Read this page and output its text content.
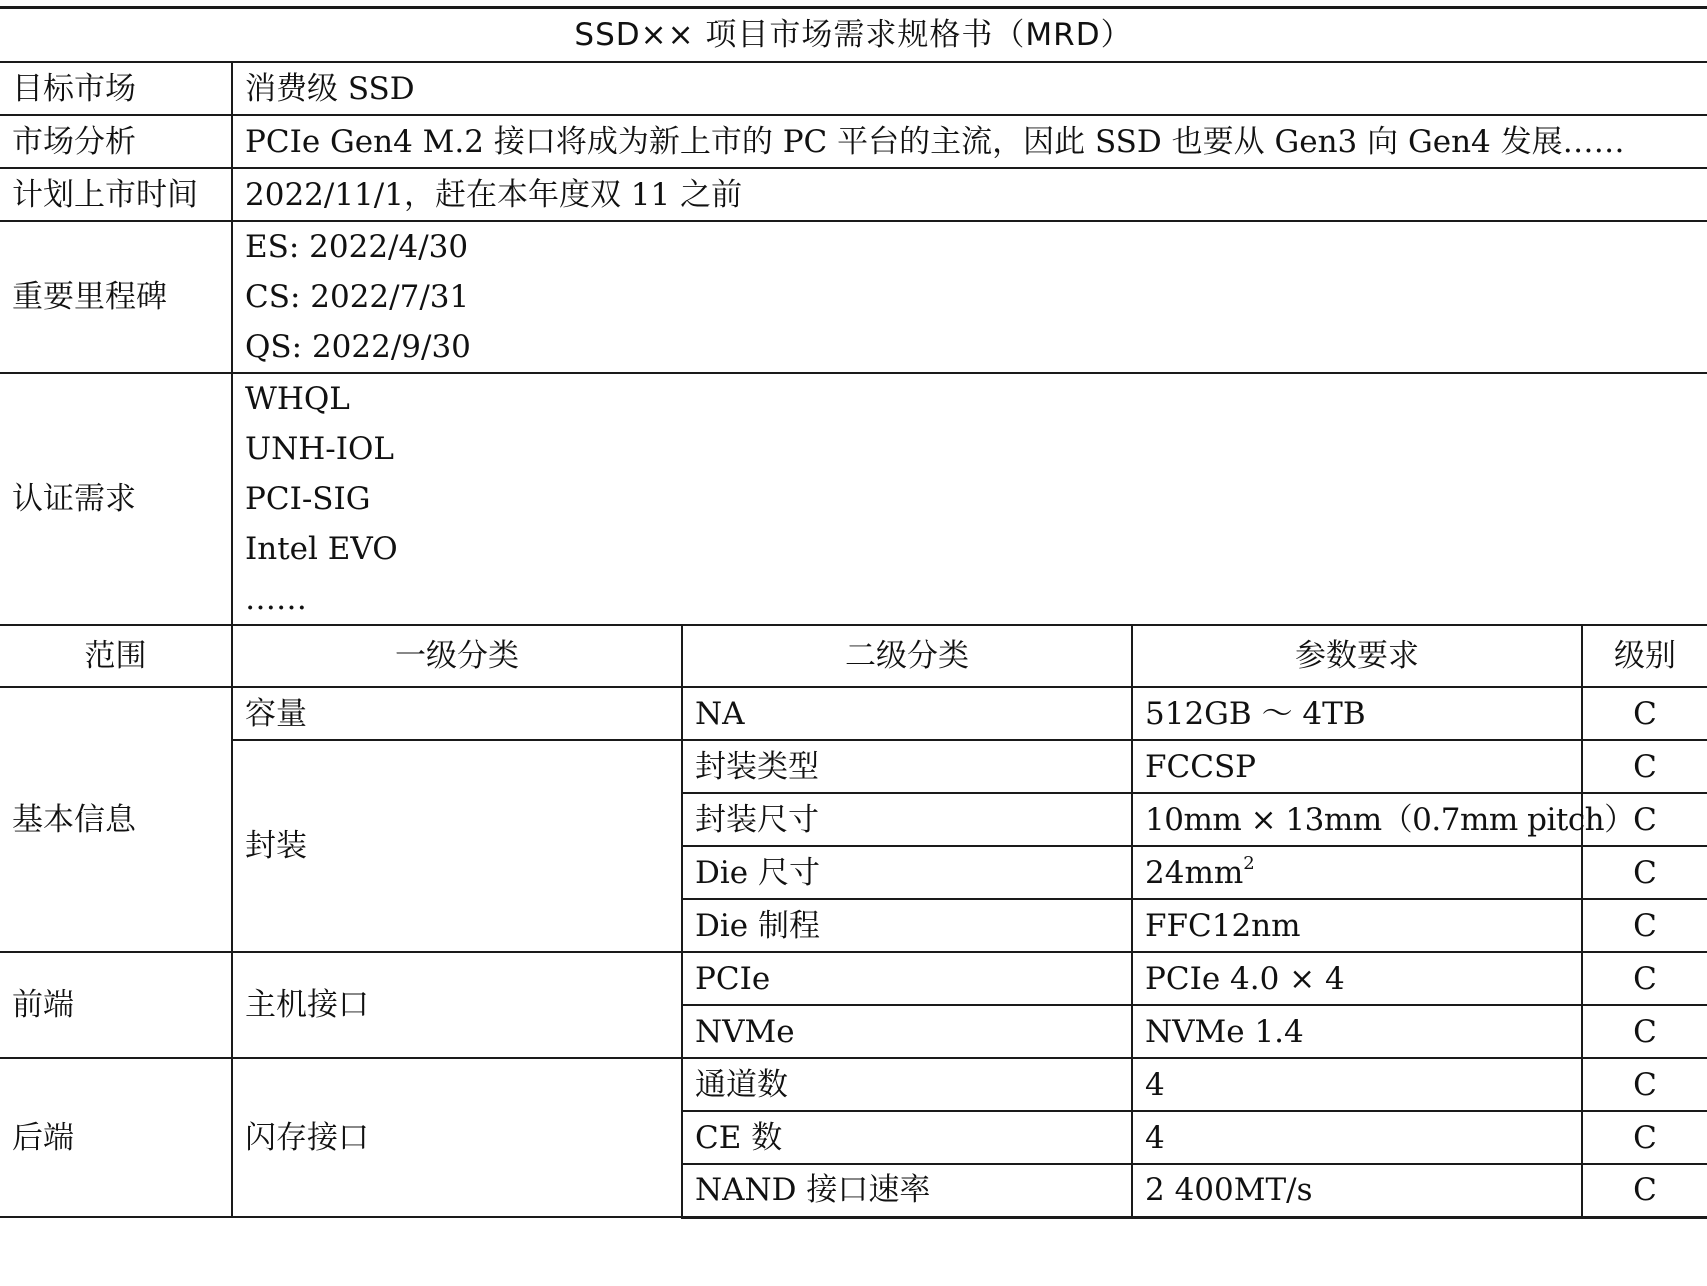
SSD×× 项目市场需求规格书（MRD）				
目标市场	消费级 SSD			
市场分析	PCIe Gen4 M.2 接口将成为新上市的 PC 平台的主流，因此 SSD 也要从 Gen3 向 Gen4 发展……			
计划上市时间	2022/11/1，赶在本年度双 11 之前			
重要里程碑	ES: 2022/4/30
CS: 2022/7/31
QS: 2022/9/30			

认证需求	WHQL
UNH-IOL
PCI-SIG
Intel EVO
……			

范围	一级分类	二级分类	参数要求	级别
基本信息	容量	NA	512GB ～ 4TB	C
	封装	封装类型	FCCSP	C
		封装尺寸	10mm × 13mm（0.7mm pitch）	C
		Die 尺寸	$24mm^2$	C
		Die 制程	FFC12nm	C
前端	主机接口	PCIe	PCIe 4.0 × 4	C
		NVMe	NVMe 1.4	C
后端	闪存接口	通道数	4	C
		CE 数	4	C
		NAND 接口速率	2 400MT/s	C
